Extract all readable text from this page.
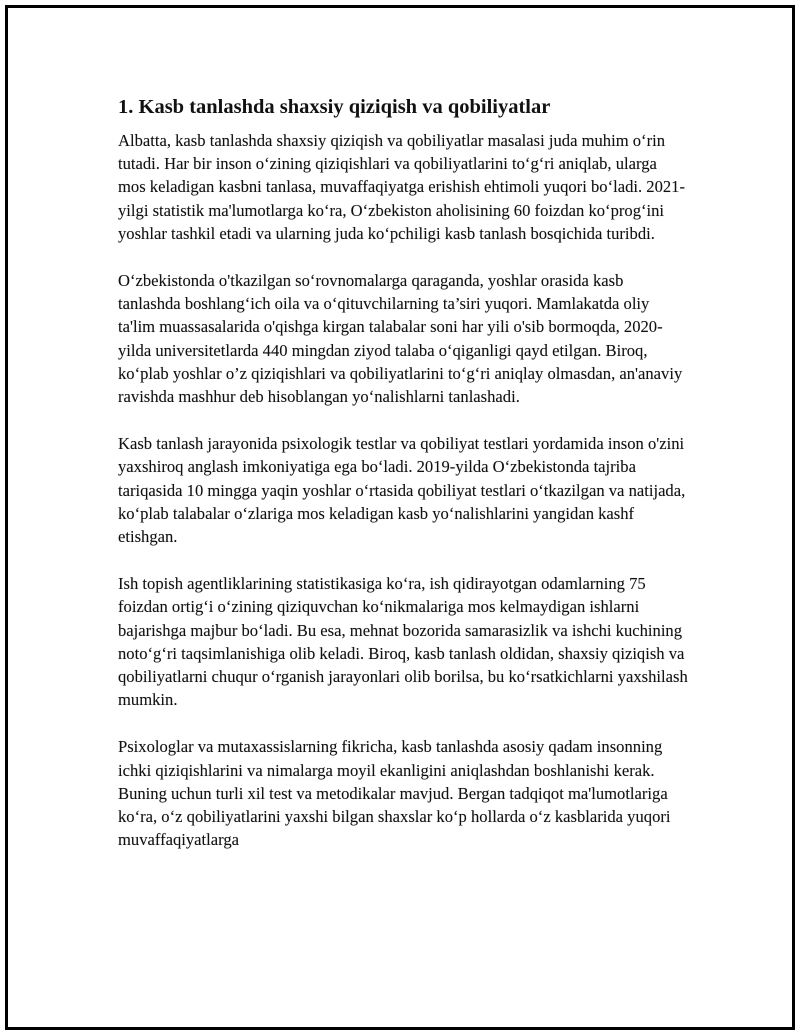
1. Kasb tanlashda shaxsiy qiziqish va qobiliyatlar

Albatta, kasb tanlashda shaxsiy qiziqish va qobiliyatlar masalasi juda muhim o‘rin tutadi. Har bir inson o‘zining qiziqishlari va qobiliyatlarini to‘g‘ri aniqlab, ularga mos keladigan kasbni tanlasa, muvaffaqiyatga erishish ehtimoli yuqori bo‘ladi. 2021-yilgi statistik ma'lumotlarga ko‘ra, O‘zbekiston aholisining 60 foizdan ko‘prog‘ini yoshlar tashkil etadi va ularning juda ko‘pchiligi kasb tanlash bosqichida turibdi.

O‘zbekistonda o'tkazilgan so‘rovnomalarga qaraganda, yoshlar orasida kasb tanlashda boshlang‘ich oila va o‘qituvchilarning ta’siri yuqori. Mamlakatda oliy ta'lim muassasalarida o'qishga kirgan talabalar soni har yili o'sib bormoqda, 2020-yilda universitetlarda 440 mingdan ziyod talaba o‘qiganligi qayd etilgan. Biroq, ko‘plab yoshlar o’z qiziqishlari va qobiliyatlarini to‘g‘ri aniqlay olmasdan, an'anaviy ravishda mashhur deb hisoblangan yo‘nalishlarni tanlashadi.

Kasb tanlash jarayonida psixologik testlar va qobiliyat testlari yordamida inson o'zini yaxshiroq anglash imkoniyatiga ega bo‘ladi. 2019-yilda O‘zbekistonda tajriba tariqasida 10 mingga yaqin yoshlar o‘rtasida qobiliyat testlari o‘tkazilgan va natijada, ko‘plab talabalar o‘zlariga mos keladigan kasb yo‘nalishlarini yangidan kashf etishgan.

Ish topish agentliklarining statistikasiga ko‘ra, ish qidirayotgan odamlarning 75 foizdan ortig‘i o‘zining qiziquvchan ko‘nikmalariga mos kelmaydigan ishlarni bajarishga majbur bo‘ladi. Bu esa, mehnat bozorida samarasizlik va ishchi kuchining noto‘g‘ri taqsimlanishiga olib keladi. Biroq, kasb tanlash oldidan, shaxsiy qiziqish va qobiliyatlarni chuqur o‘rganish jarayonlari olib borilsa, bu ko‘rsatkichlarni yaxshilash mumkin.

Psixologlar va mutaxassislarning fikricha, kasb tanlashda asosiy qadam insonning ichki qiziqishlarini va nimalarga moyil ekanligini aniqlashdan boshlanishi kerak. Buning uchun turli xil test va metodikalar mavjud. Bergan tadqiqot ma'lumotlariga ko‘ra, o‘z qobiliyatlarini yaxshi bilgan shaxslar ko‘p hollarda o‘z kasblarida yuqori muvaffaqiyatlarga
